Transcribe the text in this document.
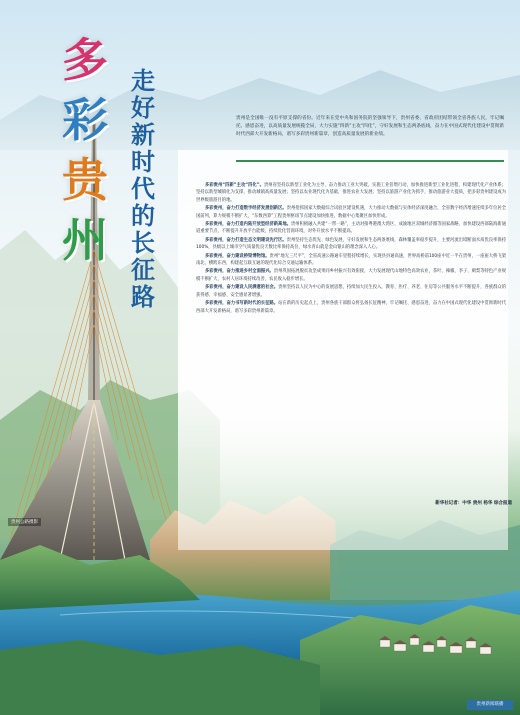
多
彩
贵
州
走
好
新
时
代
的
长
征
路
贵州是全国唯一没有平原支撑的省份。近年来在党中央和国务院的坚强领导下，贵州省委、省政府团结带领全省各族人民，牢记嘱托、感恩奋进，以高质量发展统揽全局，大力实施“四新”主攻“四化”，守好发展和生态两条底线，奋力在中国式现代化建设中贯彻新时代西部大开发新格局，谱写多彩贵州新篇章，创造高质量发展的新业绩。

多彩贵州“四新”主攻“四化”。贵州省坚持以新型工业化为主导，奋力推动工业大突破，实施工业倍增行动，加快推进新型工业化进程，构建现代化产业体系；坚持以新型城镇化为支撑，推动城镇高质量发展；坚持以农业现代化为基础，推进农业大发展；坚持以旅游产业化为抓手，推动旅游业大提质，把多彩贵州建设成为世界级旅游目的地。

多彩贵州，奋力打造数字经济发展创新区。贵州抢抓国家大数据综合试验区建设机遇，大力推动大数据与实体经济深度融合，全省数字经济增速连续多年位居全国前列，算力规模不断扩大，“东数西算”工程贵州枢纽节点建设加快推进，数据中心集聚区加快形成。

多彩贵州，奋力打造内陆开放型经济新高地。贵州积极融入共建“一带一路”，主动对接粤港澳大湾区、成渝地区双城经济圈等国家战略，加快建设西部陆海新通道重要节点，不断提升开放平台能级，持续优化营商环境，对外开放水平不断提高。

多彩贵州，奋力打造生态文明建设先行区。贵州坚持生态优先、绿色发展，守好发展和生态两条底线，森林覆盖率稳步提升，主要河流出境断面水质优良率保持100%，县级以上城市空气质量优良天数比率保持高位，绿水青山就是金山银山的理念深入人心。

多彩贵州，奋力建设桥梁博物馆。贵州“地无三尺平”，全省高速公路通车里程持续增长，实现县县通高速，世界高桥前100座中近一半在贵州，一座座大桥飞架南北、横跨东西，构建起互联互通的现代化综合交通运输体系。

多彩贵州，奋力推进乡村全面振兴。贵州巩固拓展脱贫攻坚成果同乡村振兴有效衔接，大力发展现代山地特色高效农业，茶叶、辣椒、李子、刺梨等特色产业规模不断扩大，农村人居环境持续改善，农民收入稳步增长。

多彩贵州，奋力建设人民满意的社会。贵州坚持以人民为中心的发展思想，持续加大民生投入，教育、医疗、养老、住房等公共服务水平不断提升，各族群众的获得感、幸福感、安全感显著增强。

多彩贵州，奋力书写新时代的长征路。站在新的历史起点上，贵州各族干部群众将弘扬长征精神，牢记嘱托、感恩奋进，奋力在中国式现代化建设中贯彻新时代西部大开发新格局，谱写多彩贵州新篇章。

新华社记者：中华 贵州 杨华 综合报道
贵州公路摄影
贵州新闻联播
